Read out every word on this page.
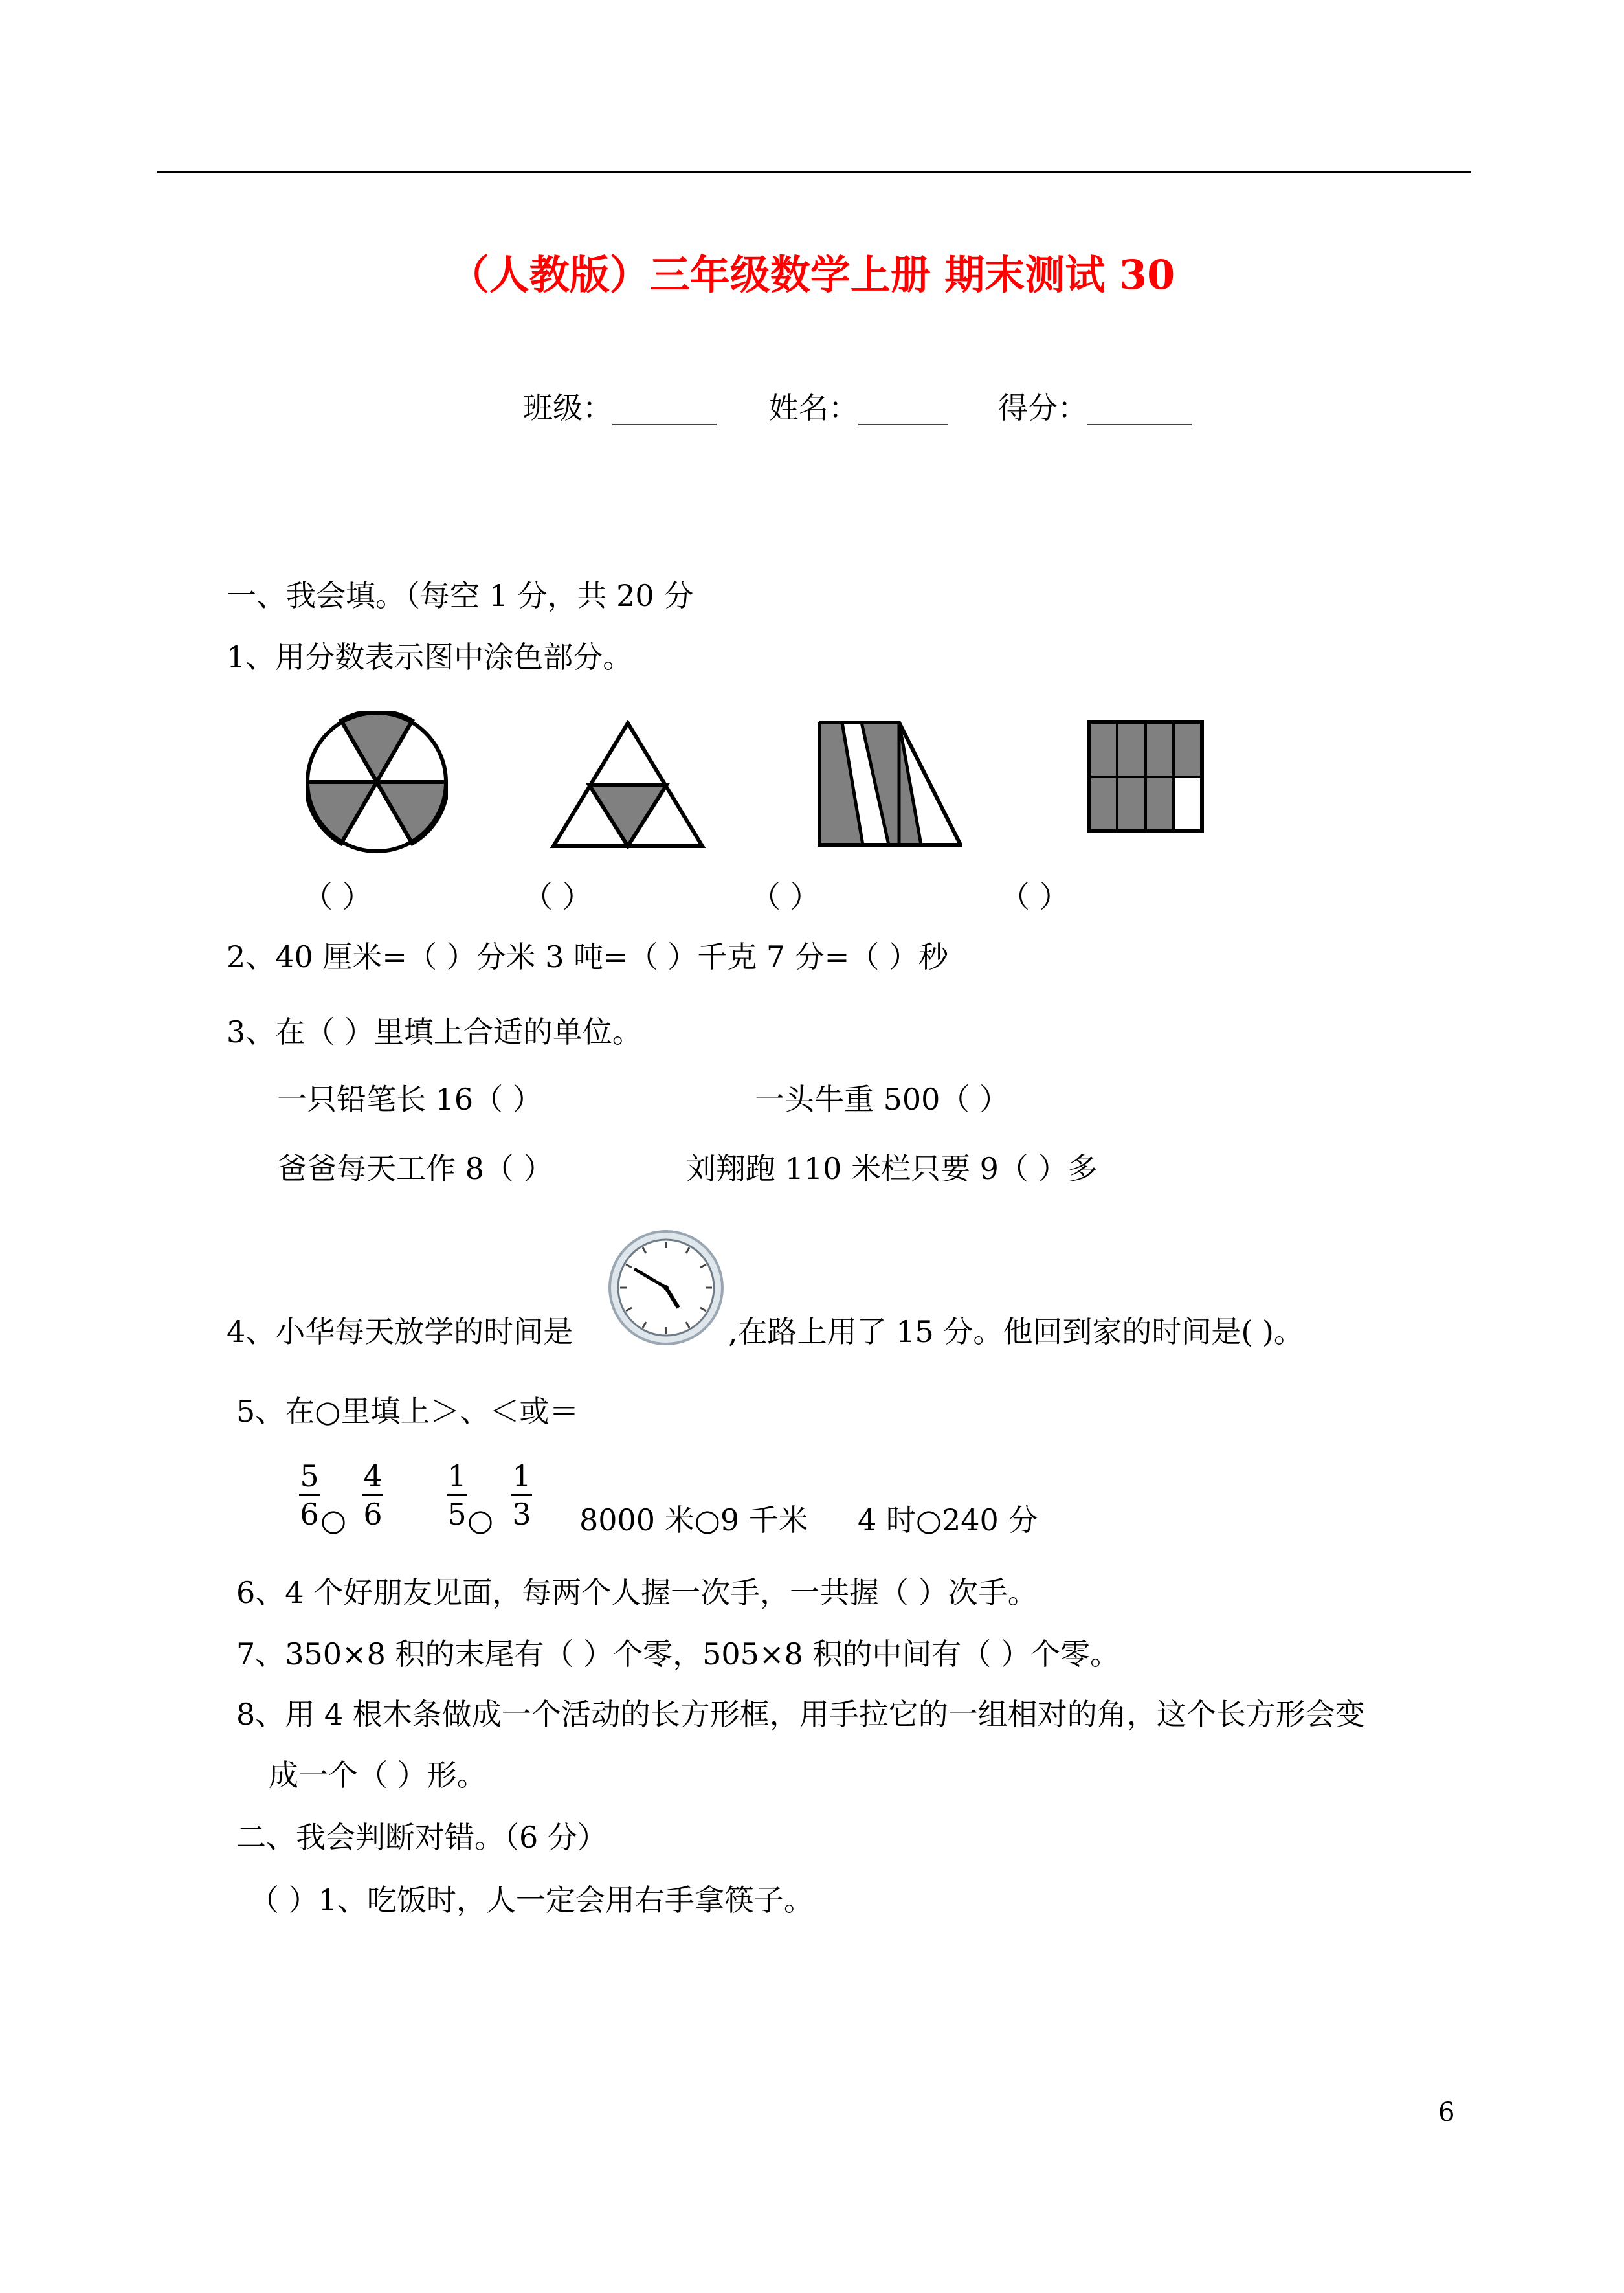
（人教版）三年级数学上册 期末测试 30
班级：_______ 姓名：______ 得分：_______
一、我会填。（每空 1 分，共 20 分
1、用分数表示图中涂色部分。
（ ）	（ ）	（ ）	（ ）
2、40 厘米=（ ）分米 3 吨=（ ）千克 7 分=（ ）秒
3、在（ ）里填上合适的单位。
一只铅笔长 16（ ）	一头牛重 500（ ）
爸爸每天工作 8（ ）	刘翔跑 110 米栏只要 9（ ）多
4、小华每天放学的时间是	,在路上用了 15 分。他回到家的时间是( )。
5、在○里填上＞、＜或＝
5
6 ○
4
6
1
5 ○
1
3 8000 米○9 千米 4 时○240 分
6、4 个好朋友见面，每两个人握一次手，一共握（ ）次手。
7、350×8 积的末尾有（ ）个零，505×8 积的中间有（ ）个零。
8、用 4 根木条做成一个活动的长方形框，用手拉它的一组相对的角，这个长方形会变
成一个（ ）形。
二、我会判断对错。（6 分）
（ ）1、吃饭时，人一定会用右手拿筷子。
6
